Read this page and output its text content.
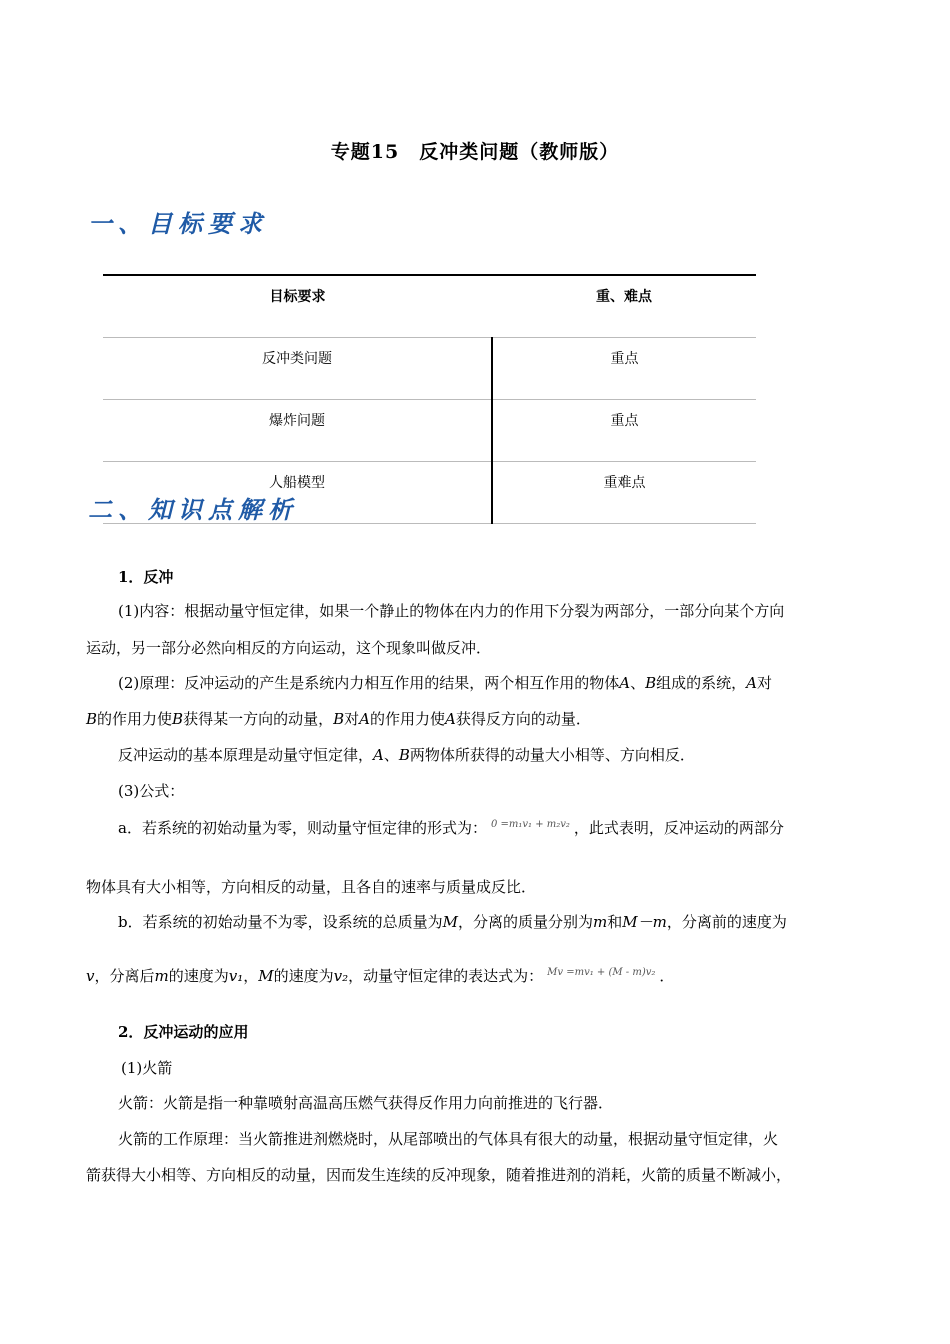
专题15　反冲类问题（教师版）
一、目标要求
目标要求	重、难点
反冲类问题	重点
爆炸问题	重点
人船模型	重难点
二、知识点解析
1．反冲
(1)内容：根据动量守恒定律，如果一个静止的物体在内力的作用下分裂为两部分，一部分向某个方向
运动，另一部分必然向相反的方向运动，这个现象叫做反冲．
(2)原理：反冲运动的产生是系统内力相互作用的结果，两个相互作用的物体A、B组成的系统，A对
B的作用力使B获得某一方向的动量，B对A的作用力使A获得反方向的动量．
反冲运动的基本原理是动量守恒定律，A、B两物体所获得的动量大小相等、方向相反．
(3)公式：
a．若系统的初始动量为零，则动量守恒定律的形式为： $^{0 =m_1v_1 + m_2v_2}$ ，此式表明，反冲运动的两部分
物体具有大小相等，方向相反的动量，且各自的速率与质量成反比．
b．若系统的初始动量不为零，设系统的总质量为M，分离的质量分别为m和M－m，分离前的速度为
v，分离后m的速度为v₁，M的速度为v₂，动量守恒定律的表达式为： $^{Mv =mv_1 + (M - m)v_2}$ ．
2．反冲运动的应用
(1)火箭
火箭：火箭是指一种靠喷射高温高压燃气获得反作用力向前推进的飞行器．
火箭的工作原理：当火箭推进剂燃烧时，从尾部喷出的气体具有很大的动量，根据动量守恒定律，火
箭获得大小相等、方向相反的动量，因而发生连续的反冲现象，随着推进剂的消耗，火箭的质量不断减小，
